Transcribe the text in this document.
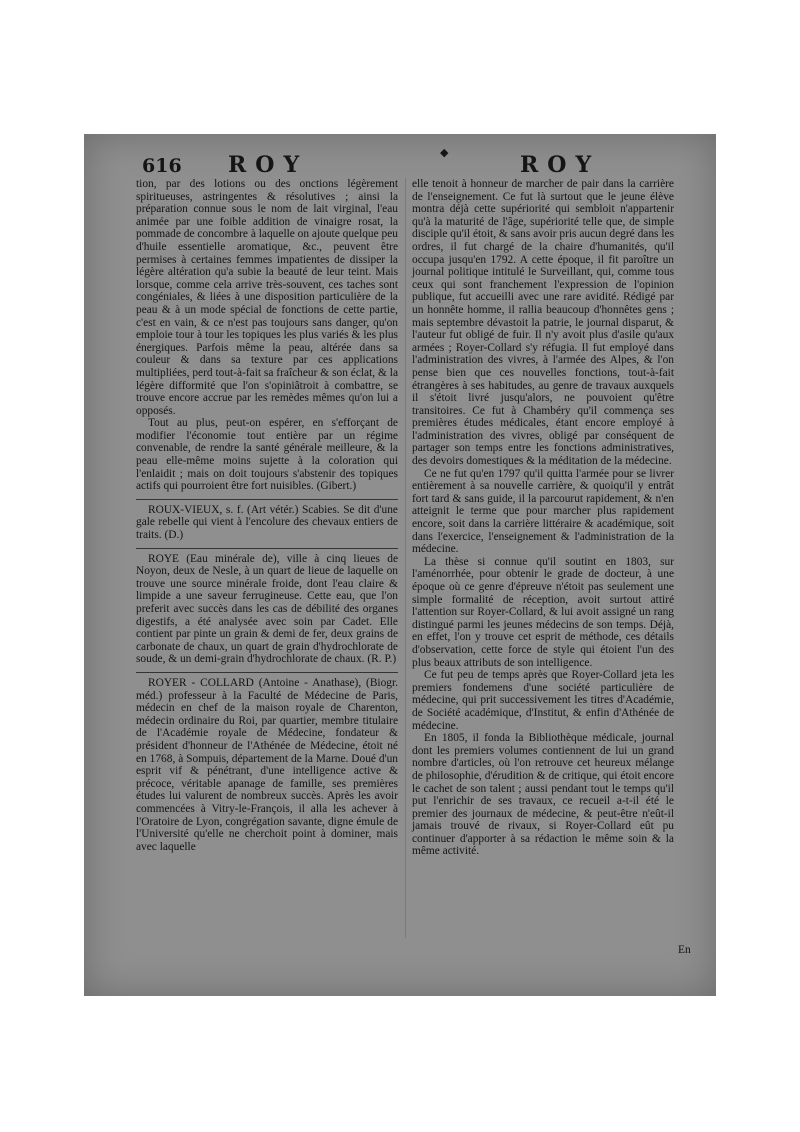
616 ROY	◆	ROY

tion, par des lotions ou des onctions légèrement spiritueuses, astringentes & résolutives ; ainsi la préparation connue sous le nom de lait virginal, l'eau animée par une foible addition de vinaigre rosat, la pommade de concombre à laquelle on ajoute quelque peu d'huile essentielle aromatique, &c., peuvent être permises à certaines femmes impatientes de dissiper la légère altération qu'a subie la beauté de leur teint. Mais lorsque, comme cela arrive très-souvent, ces taches sont congéniales, & liées à une disposition particulière de la peau & à un mode spécial de fonctions de cette partie, c'est en vain, & ce n'est pas toujours sans danger, qu'on emploie tour à tour les topiques les plus variés & les plus énergiques. Parfois même la peau, altérée dans sa couleur & dans sa texture par ces applications multipliées, perd tout-à-fait sa fraîcheur & son éclat, & la légère difformité que l'on s'opiniâtroit à combattre, se trouve encore accrue par les remèdes mêmes qu'on lui a opposés.

Tout au plus, peut-on espérer, en s'efforçant de modifier l'économie tout entière par un régime convenable, de rendre la santé générale meilleure, & la peau elle-même moins sujette à la coloration qui l'enlaidit ; mais on doit toujours s'abstenir des topiques actifs qui pourroient être fort nuisibles. (Gibert.)

ROUX-VIEUX, s. f. (Art vétér.) Scabies. Se dit d'une gale rebelle qui vient à l'encolure des chevaux entiers de traits. (D.)

ROYE (Eau minérale de), ville à cinq lieues de Noyon, deux de Nesle, à un quart de lieue de laquelle on trouve une source minérale froide, dont l'eau claire & limpide a une saveur ferrugineuse. Cette eau, que l'on preferit avec succès dans les cas de débilité des organes digestifs, a été analysée avec soin par Cadet. Elle contient par pinte un grain & demi de fer, deux grains de carbonate de chaux, un quart de grain d'hydrochlorate de soude, & un demi-grain d'hydrochlorate de chaux. (R. P.)

ROYER - COLLARD (Antoine - Anathase), (Biogr. méd.) professeur à la Faculté de Médecine de Paris, médecin en chef de la maison royale de Charenton, médecin ordinaire du Roi, par quartier, membre titulaire de l'Académie royale de Médecine, fondateur & président d'honneur de l'Athénée de Médecine, étoit né en 1768, à Sompuis, département de la Marne. Doué d'un esprit vif & pénétrant, d'une intelligence active & précoce, véritable apanage de famille, ses premières études lui valurent de nombreux succès. Après les avoir commencées à Vitry-le-François, il alla les achever à l'Oratoire de Lyon, congrégation savante, digne émule de l'Université qu'elle ne cherchoit point à dominer, mais avec laquelle

elle tenoit à honneur de marcher de pair dans la carrière de l'enseignement. Ce fut là surtout que le jeune élève montra déjà cette supériorité qui sembloit n'appartenir qu'à la maturité de l'âge, supériorité telle que, de simple disciple qu'il étoit, & sans avoir pris aucun degré dans les ordres, il fut chargé de la chaire d'humanités, qu'il occupa jusqu'en 1792. A cette époque, il fit paroître un journal politique intitulé le Surveillant, qui, comme tous ceux qui sont franchement l'expression de l'opinion publique, fut accueilli avec une rare avidité. Rédigé par un honnête homme, il rallia beaucoup d'honnêtes gens ; mais septembre dévastoit la patrie, le journal disparut, & l'auteur fut obligé de fuir. Il n'y avoit plus d'asile qu'aux armées ; Royer-Collard s'y réfugia. Il fut employé dans l'administration des vivres, à l'armée des Alpes, & l'on pense bien que ces nouvelles fonctions, tout-à-fait étrangères à ses habitudes, au genre de travaux auxquels il s'étoit livré jusqu'alors, ne pouvoient qu'être transitoires. Ce fut à Chambéry qu'il commença ses premières études médicales, étant encore employé à l'administration des vivres, obligé par conséquent de partager son temps entre les fonctions administratives, des devoirs domestiques & la méditation de la médecine.

Ce ne fut qu'en 1797 qu'il quitta l'armée pour se livrer entièrement à sa nouvelle carrière, & quoiqu'il y entrât fort tard & sans guide, il la parcourut rapidement, & n'en atteignit le terme que pour marcher plus rapidement encore, soit dans la carrière littéraire & académique, soit dans l'exercice, l'enseignement & l'administration de la médecine.

La thèse si connue qu'il soutint en 1803, sur l'aménorrhée, pour obtenir le grade de docteur, à une époque où ce genre d'épreuve n'étoit pas seulement une simple formalité de réception, avoit surtout attiré l'attention sur Royer-Collard, & lui avoit assigné un rang distingué parmi les jeunes médecins de son temps. Déjà, en effet, l'on y trouve cet esprit de méthode, ces détails d'observation, cette force de style qui étoient l'un des plus beaux attributs de son intelligence.

Ce fut peu de temps après que Royer-Collard jeta les premiers fondemens d'une société particulière de médecine, qui prit successivement les titres d'Académie, de Société académique, d'Institut, & enfin d'Athénée de médecine.

En 1805, il fonda la Bibliothèque médicale, journal dont les premiers volumes contiennent de lui un grand nombre d'articles, où l'on retrouve cet heureux mélange de philosophie, d'érudition & de critique, qui étoit encore le cachet de son talent ; aussi pendant tout le temps qu'il put l'enrichir de ses travaux, ce recueil a-t-il été le premier des journaux de médecine, & peut-être n'eût-il jamais trouvé de rivaux, si Royer-Collard eût pu continuer d'apporter à sa rédaction le même soin & la même activité.

En
